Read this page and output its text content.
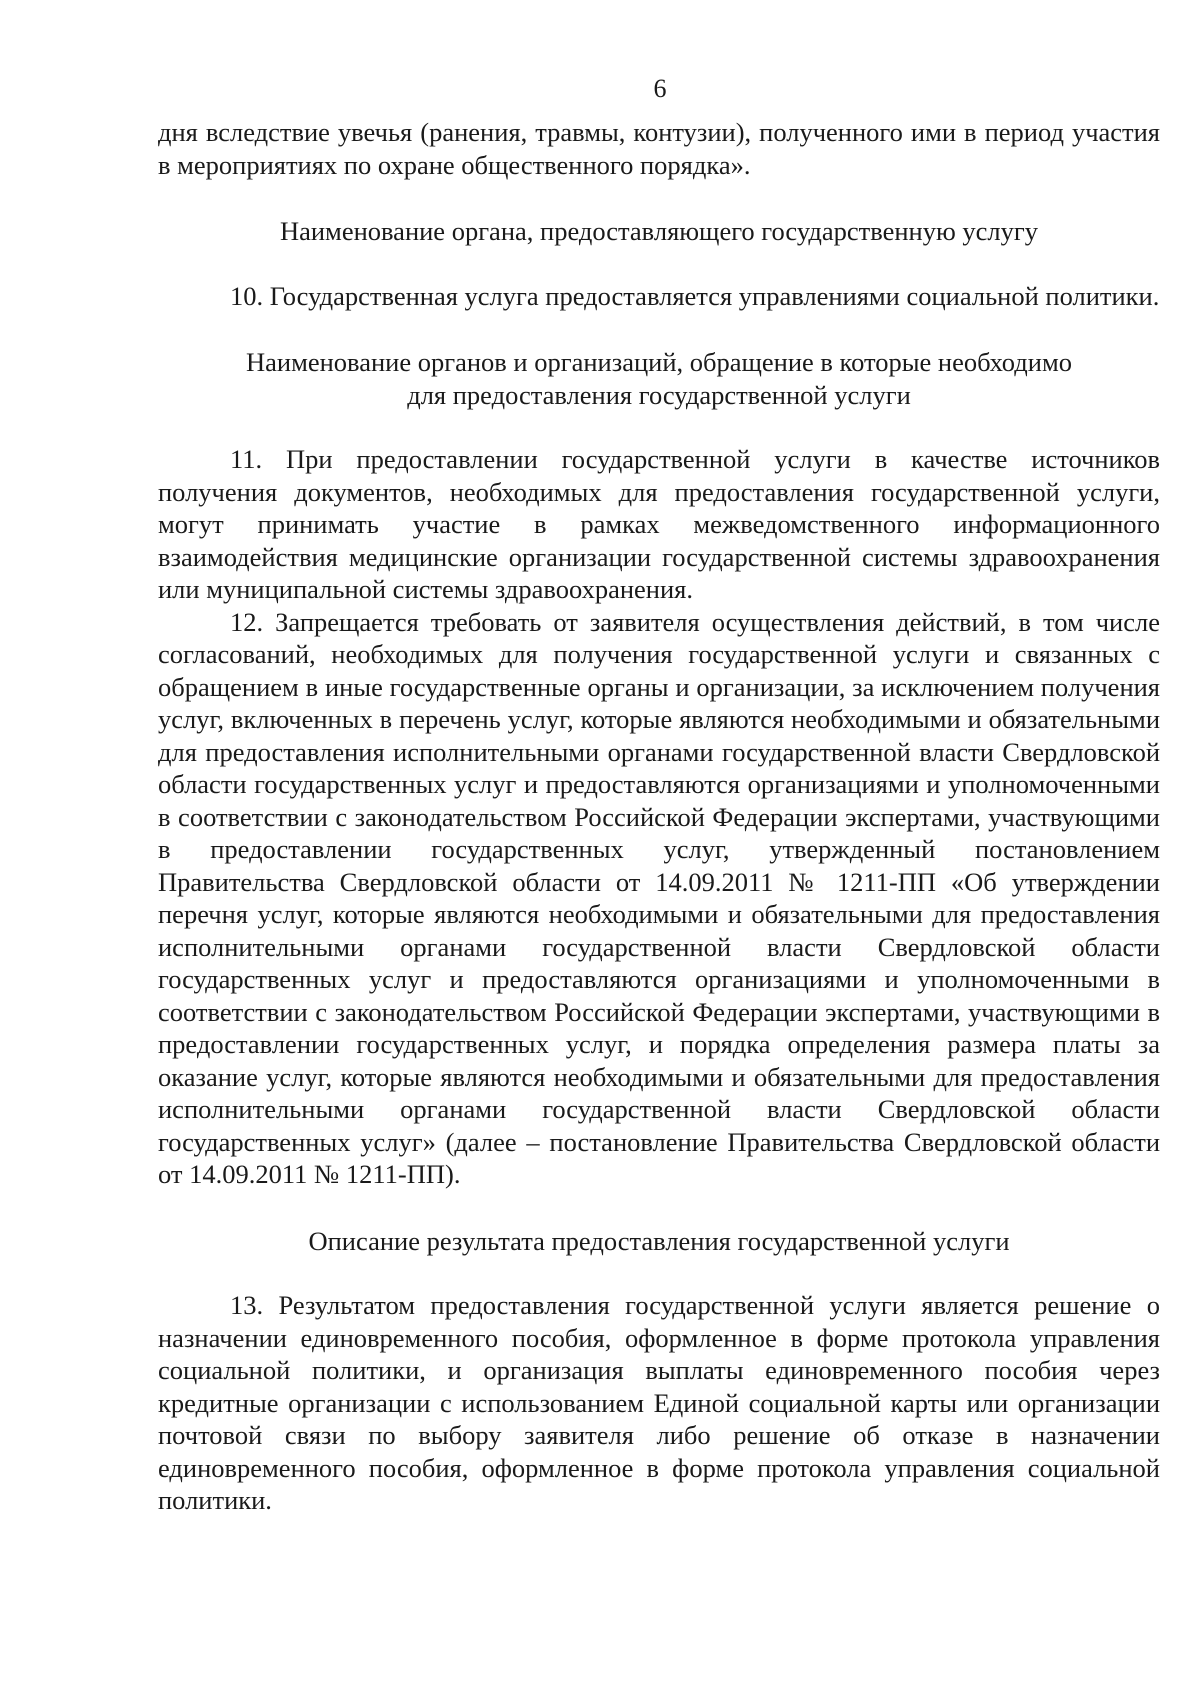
6

дня вследствие увечья (ранения, травмы, контузии), полученного ими в период участия в мероприятиях по охране общественного порядка».

Наименование органа, предоставляющего государственную услугу

10. Государственная услуга предоставляется управлениями социальной политики.

Наименование органов и организаций, обращение в которые необходимо
для предоставления государственной услуги

11. При предоставлении государственной услуги в качестве источников получения документов, необходимых для предоставления государственной услуги, могут принимать участие в рамках межведомственного информационного взаимодействия медицинские организации государственной системы здравоохранения или муниципальной системы здравоохранения.

12. Запрещается требовать от заявителя осуществления действий, в том числе согласований, необходимых для получения государственной услуги и связанных с обращением в иные государственные органы и организации, за исключением получения услуг, включенных в перечень услуг, которые являются необходимыми и обязательными для предоставления исполнительными органами государственной власти Свердловской области государственных услуг и предоставляются организациями и уполномоченными в соответствии с законодательством Российской Федерации экспертами, участвующими в предоставлении государственных услуг, утвержденный постановлением Правительства Свердловской области от 14.09.2011 № 1211-ПП «Об утверждении перечня услуг, которые являются необходимыми и обязательными для предоставления исполнительными органами государственной власти Свердловской области государственных услуг и предоставляются организациями и уполномоченными в соответствии с законодательством Российской Федерации экспертами, участвующими в предоставлении государственных услуг, и порядка определения размера платы за оказание услуг, которые являются необходимыми и обязательными для предоставления исполнительными органами государственной власти Свердловской области государственных услуг» (далее – постановление Правительства Свердловской области от 14.09.2011 № 1211-ПП).

Описание результата предоставления государственной услуги

13. Результатом предоставления государственной услуги является решение о назначении единовременного пособия, оформленное в форме протокола управления социальной политики, и организация выплаты единовременного пособия через кредитные организации с использованием Единой социальной карты или организации почтовой связи по выбору заявителя либо решение об отказе в назначении единовременного пособия, оформленное в форме протокола управления социальной политики.
